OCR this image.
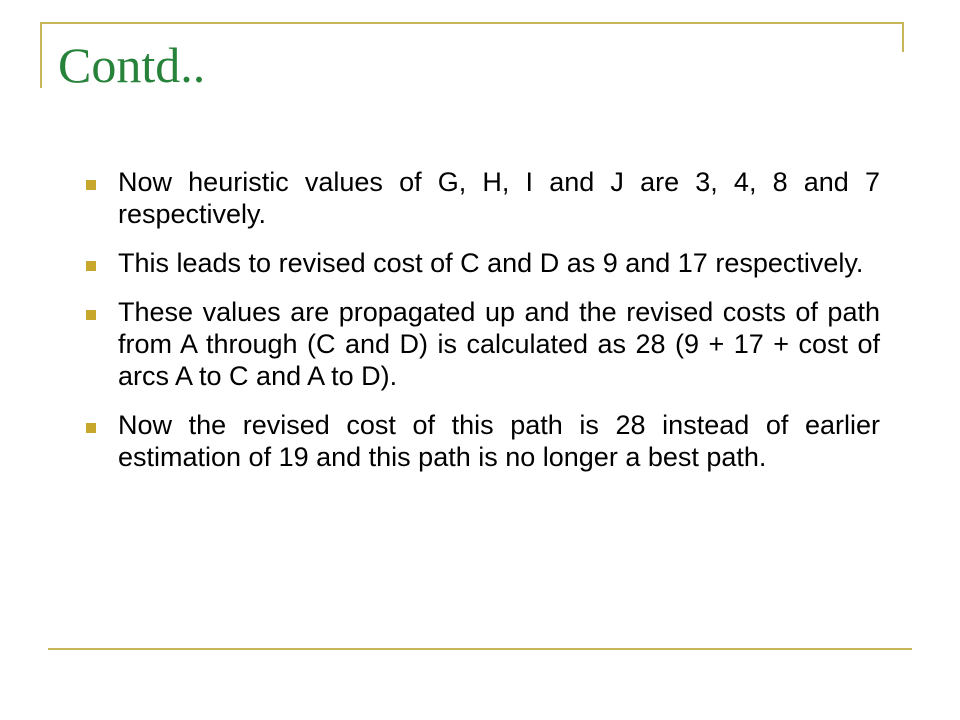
Contd..
Now heuristic values of G, H, I and J are 3, 4, 8 and 7 respectively.
This leads to revised cost of C and D as 9 and 17 respectively.
These values are propagated up and the revised costs of path from A through (C and D) is calculated as 28 (9 + 17 + cost of arcs A to C and A to D).
Now the revised cost of this path is 28 instead of earlier estimation of 19 and this path is no longer a best path.
